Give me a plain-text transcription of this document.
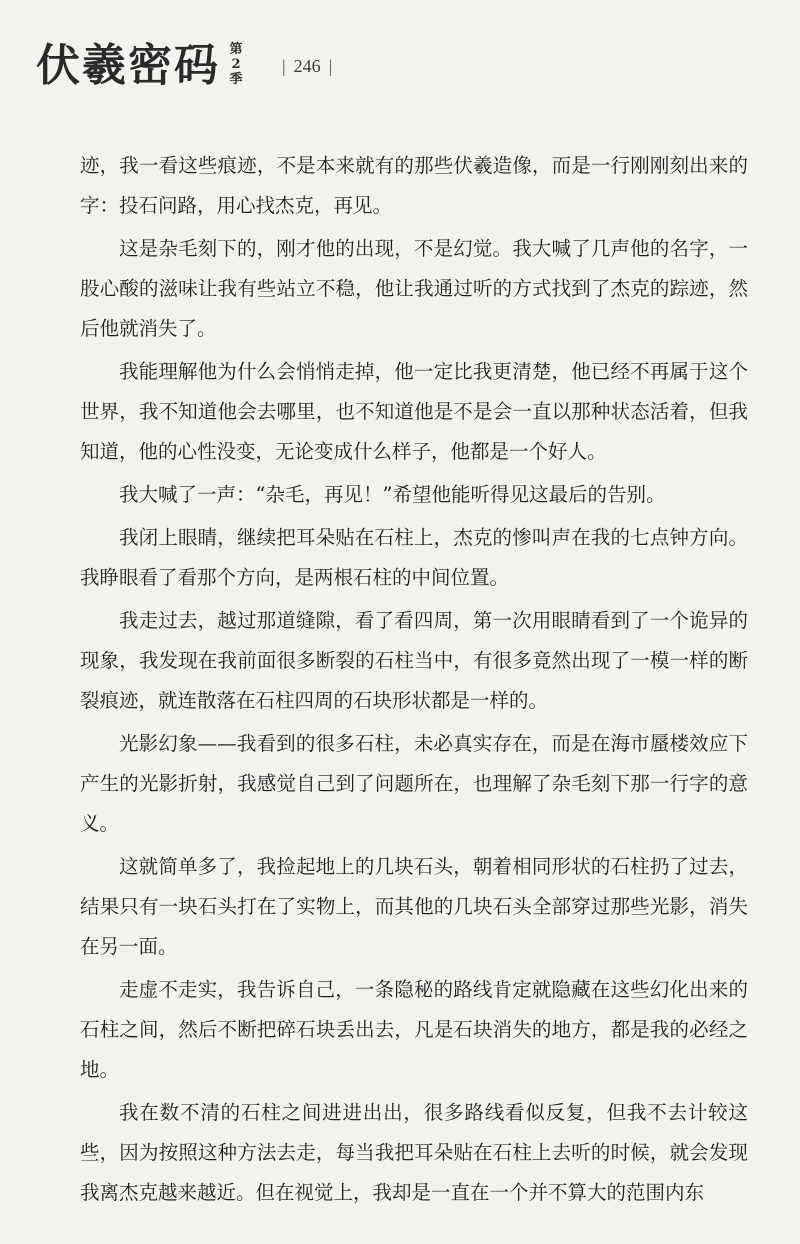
伏羲密码 第2季
| 246 |

迹，我一看这些痕迹，不是本来就有的那些伏羲造像，而是一行刚刚刻出来的字：投石问路，用心找杰克，再见。

这是杂毛刻下的，刚才他的出现，不是幻觉。我大喊了几声他的名字，一股心酸的滋味让我有些站立不稳，他让我通过听的方式找到了杰克的踪迹，然后他就消失了。

我能理解他为什么会悄悄走掉，他一定比我更清楚，他已经不再属于这个世界，我不知道他会去哪里，也不知道他是不是会一直以那种状态活着，但我知道，他的心性没变，无论变成什么样子，他都是一个好人。

我大喊了一声：“杂毛，再见！”希望他能听得见这最后的告别。

我闭上眼睛，继续把耳朵贴在石柱上，杰克的惨叫声在我的七点钟方向。我睁眼看了看那个方向，是两根石柱的中间位置。

我走过去，越过那道缝隙，看了看四周，第一次用眼睛看到了一个诡异的现象，我发现在我前面很多断裂的石柱当中，有很多竟然出现了一模一样的断裂痕迹，就连散落在石柱四周的石块形状都是一样的。

光影幻象——我看到的很多石柱，未必真实存在，而是在海市蜃楼效应下产生的光影折射，我感觉自己到了问题所在，也理解了杂毛刻下那一行字的意义。

这就简单多了，我捡起地上的几块石头，朝着相同形状的石柱扔了过去，结果只有一块石头打在了实物上，而其他的几块石头全部穿过那些光影，消失在另一面。

走虚不走实，我告诉自己，一条隐秘的路线肯定就隐藏在这些幻化出来的石柱之间，然后不断把碎石块丢出去，凡是石块消失的地方，都是我的必经之地。

我在数不清的石柱之间进进出出，很多路线看似反复，但我不去计较这些，因为按照这种方法去走，每当我把耳朵贴在石柱上去听的时候，就会发现我离杰克越来越近。但在视觉上，我却是一直在一个并不算大的范围内东
